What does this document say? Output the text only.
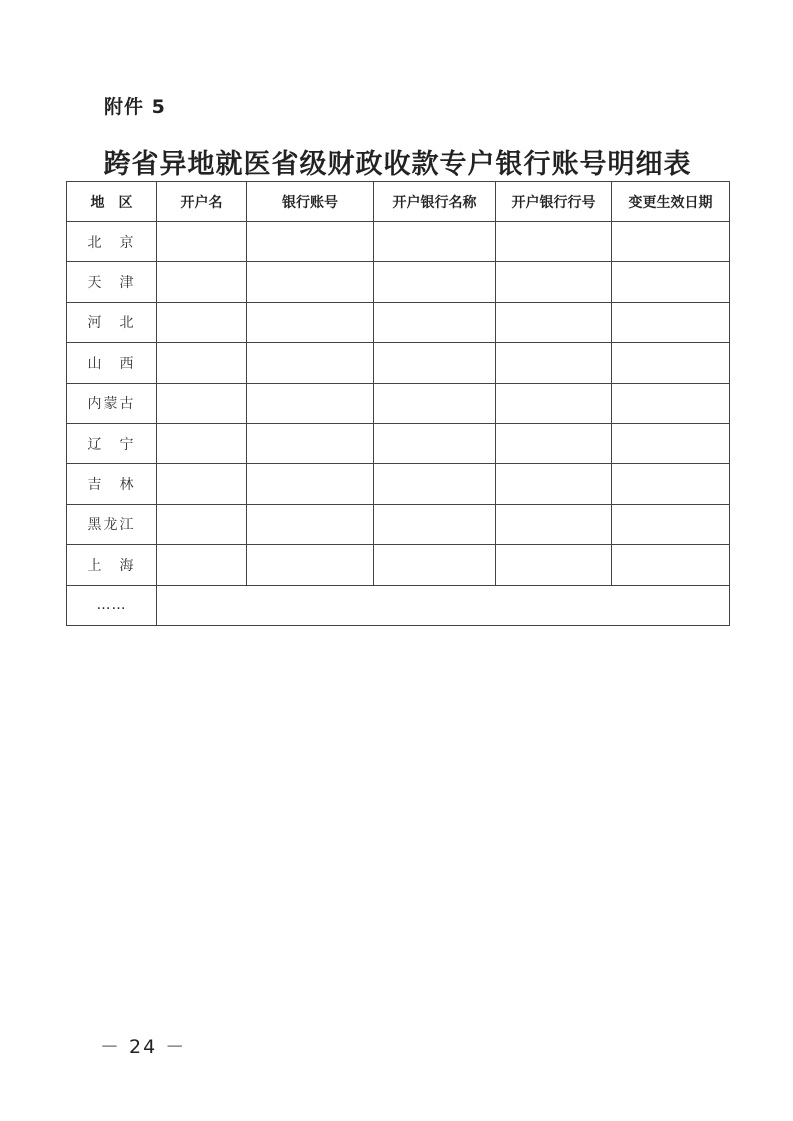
附件 5
跨省异地就医省级财政收款专户银行账号明细表
地　区	开户名	银行账号	开户银行名称	开户银行行号	变更生效日期
北　京					
天　津					
河　北					
山　西					
内蒙古					
辽　宁					
吉　林					
黑龙江					
上　海					
……					
－ 24 －
